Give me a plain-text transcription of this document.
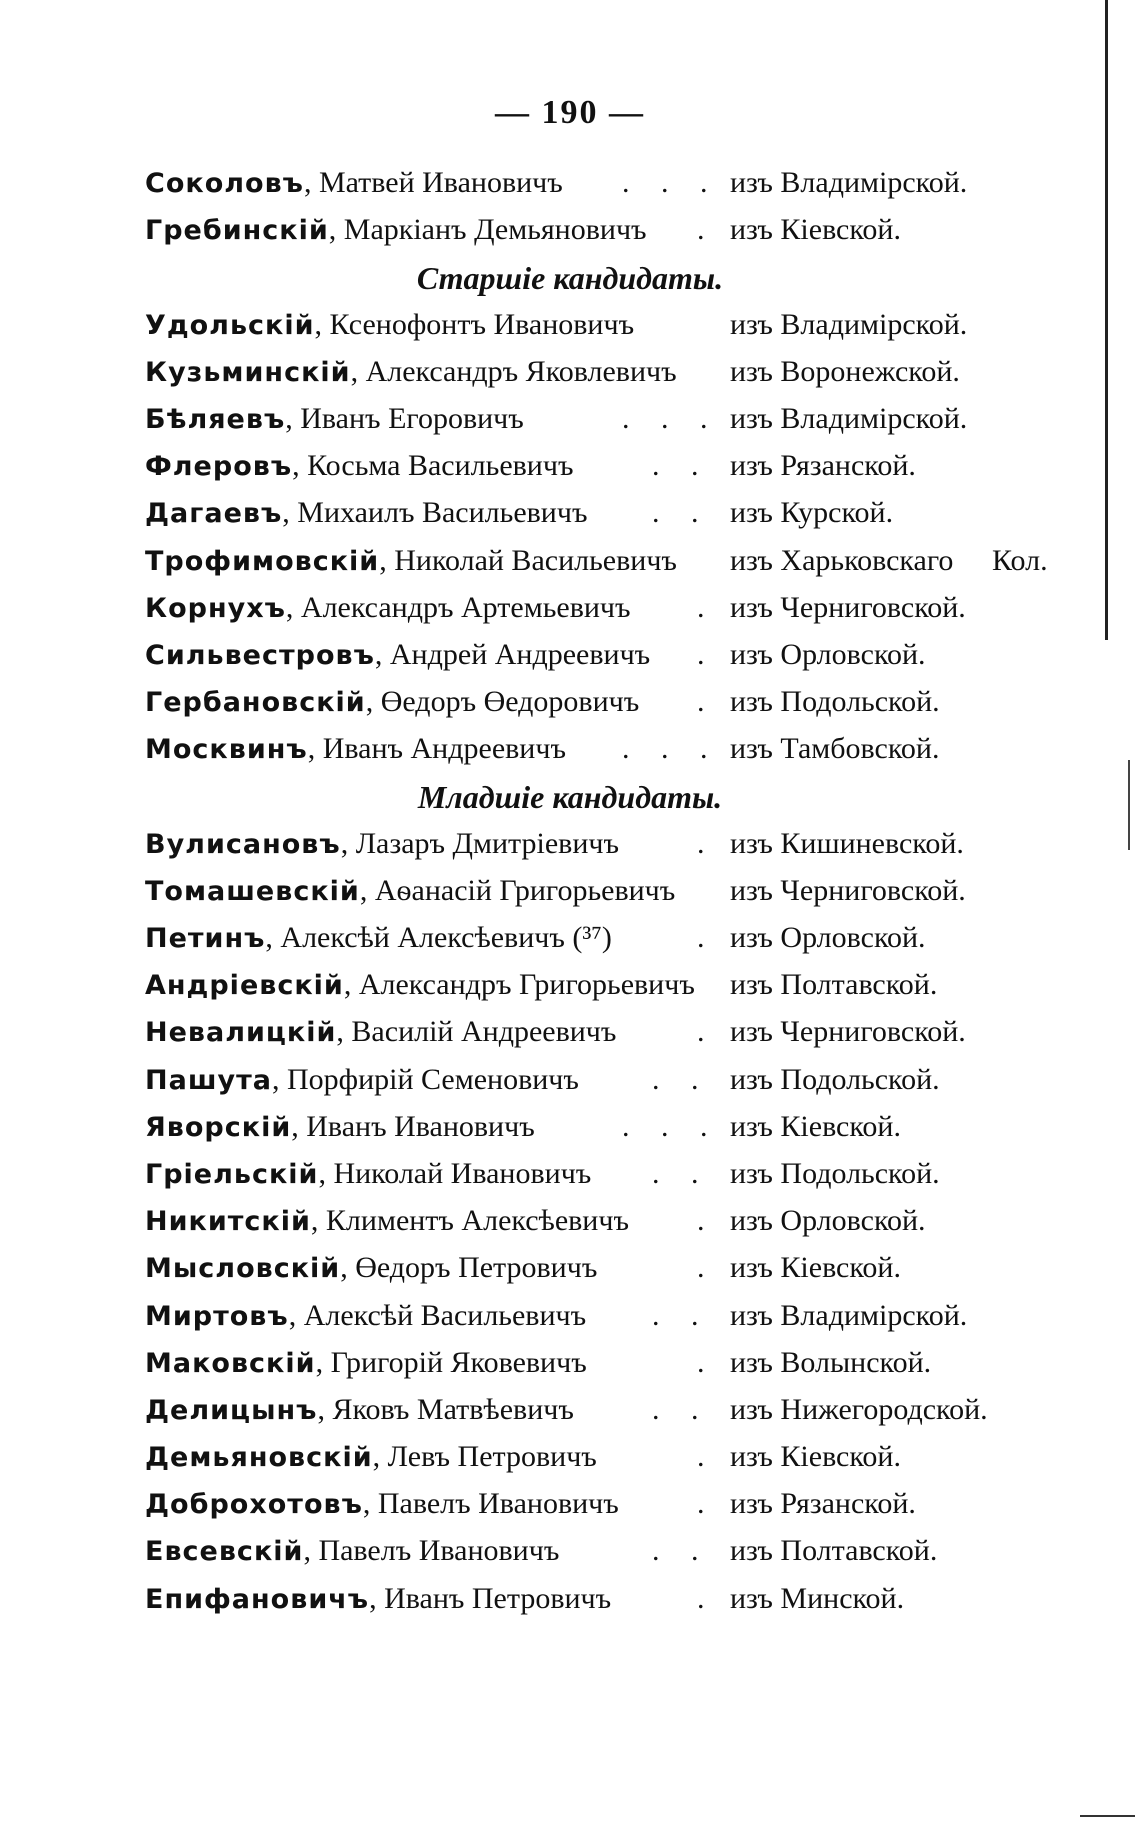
— 190 —
Соколовъ, Матвей Ивановичъ . . . изъ Владимірской.
Гребинскій, Маркіанъ Демьяновичъ . изъ Кіевской.
Старшіе кандидаты.
Удольскій, Ксенофонтъ Ивановичъ	изъ Владимірской.
Кузьминскій, Александръ Яковлевичъ изъ Воронежской.
Бѣляевъ, Иванъ Егоровичъ	. . . изъ Владимірской.
Флеровъ, Косьма Васильевичъ	. . изъ Рязанской.
Дагаевъ, Михаилъ Васильевичъ . . изъ Курской.
Трофимовскій, Николай Васильевичъ изъ Харьковскаго Кол.
Корнухъ, Александръ Артемьевичъ . изъ Черниговской.
Сильвестровъ, Андрей Андреевичъ . изъ Орловской.
Гербановскій, Өедоръ Өедоровичъ . изъ Подольской.
Москвинъ, Иванъ Андреевичъ . . . изъ Тамбовской.
Младшіе кандидаты.
Вулисановъ, Лазаръ Дмитріевичъ	. изъ Кишиневской.
Томашевскій, Аѳанасій Григорьевичъ изъ Черниговской.
Петинъ, Алексѣй Алексѣевичъ (³⁷)	. изъ Орловской.
Андріевскій, Александръ Григорьевичъ изъ Полтавской.
Невалицкій, Василій Андреевичъ	. изъ Черниговской.
Пашута, Порфирій Семеновичъ . . изъ Подольской.
Яворскій, Иванъ Ивановичъ	. . . изъ Кіевской.
Гріельскій, Николай Ивановичъ . . изъ Подольской.
Никитскій, Климентъ Алексѣевичъ . изъ Орловской.
Мысловскій, Өедоръ Петровичъ	. изъ Кіевской.
Миртовъ, Алексѣй Васильевичъ . . изъ Владимірской.
Маковскій, Григорій Яковевичъ	. изъ Волынской.
Делицынъ, Яковъ Матвѣевичъ	. . изъ Нижегородской.
Демьяновскій, Левъ Петровичъ	. изъ Кіевской.
Доброхотовъ, Павелъ Ивановичъ	. изъ Рязанской.
Евсевскій, Павелъ Ивановичъ	. . изъ Полтавской.
Епифановичъ, Иванъ Петровичъ	. изъ Минской.
